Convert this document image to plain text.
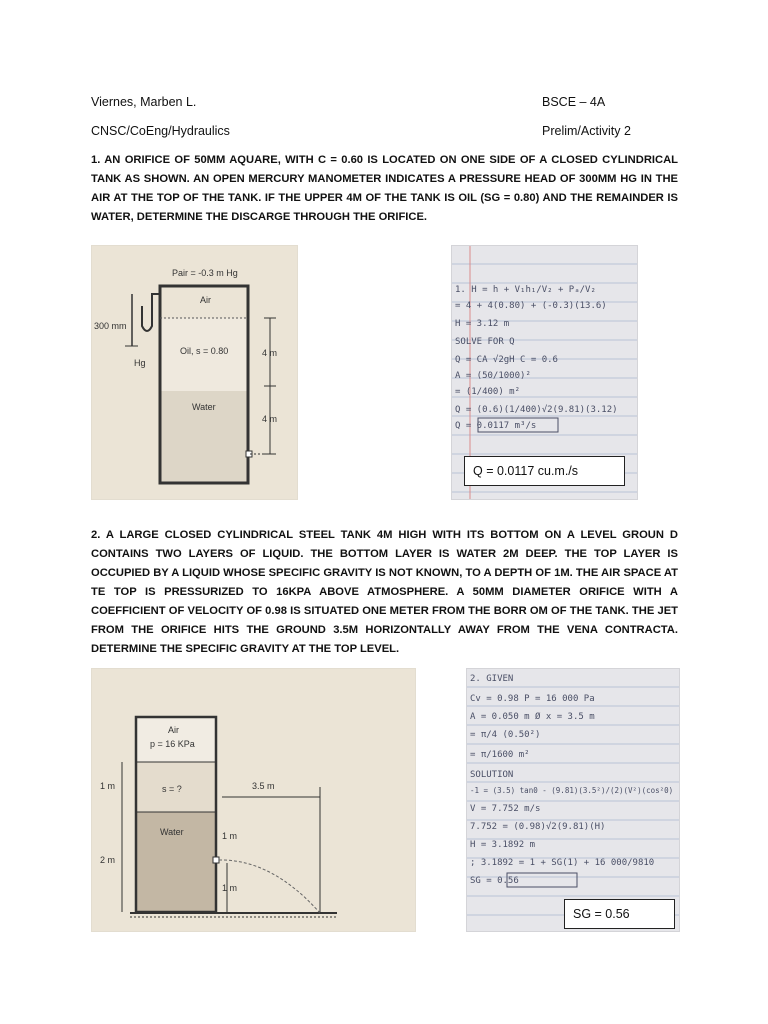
Viernes, Marben L.	BSCE – 4A
CNSC/CoEng/Hydraulics	Prelim/Activity 2
1. AN ORIFICE OF 50MM AQUARE, WITH C = 0.60 IS LOCATED ON ONE SIDE OF A CLOSED CYLINDRICAL TANK AS SHOWN. AN OPEN MERCURY MANOMETER INDICATES A PRESSURE HEAD OF 300MM HG IN THE AIR AT THE TOP OF THE TANK. IF THE UPPER 4M OF THE TANK IS OIL (SG = 0.80) AND THE REMAINDER IS WATER, DETERMINE THE DISCARGE THROUGH THE ORIFICE.
Pair = -0.3 m Hg
Air
300 mm
Hg
Oil, s = 0.80
Water
4 m
4 m
1. H = h + V₁h₁/V₂ + Pₐ/V₂
= 4 + 4(0.80) + (-0.3)(13.6)
H = 3.12 m
SOLVE FOR Q
Q = CA √2gH C = 0.6
A = (50/1000)²
= (1/400) m²
Q = (0.6)(1/400)√2(9.81)(3.12)
Q = 0.0117 m³/s
Q = 0.0117 cu.m./s
2. A LARGE CLOSED CYLINDRICAL STEEL TANK 4M HIGH WITH ITS BOTTOM ON A LEVEL GROUN D CONTAINS TWO LAYERS OF LIQUID. THE BOTTOM LAYER IS WATER 2M DEEP. THE TOP LAYER IS OCCUPIED BY A LIQUID WHOSE SPECIFIC GRAVITY IS NOT KNOWN, TO A DEPTH OF 1M. THE AIR SPACE AT TE TOP IS PRESSURIZED TO 16KPA ABOVE ATMOSPHERE. A 50MM DIAMETER ORIFICE WITH A COEFFICIENT OF VELOCITY OF 0.98 IS SITUATED ONE METER FROM THE BORR OM OF THE TANK. THE JET FROM THE ORIFICE HITS THE GROUND 3.5M HORIZONTALLY AWAY FROM THE VENA CONTRACTA. DETERMINE THE SPECIFIC GRAVITY AT THE TOP LEVEL.
Air
p = 16 KPa
s = ?
Water
1 m
2 m
3.5 m
1 m
1 m
2. GIVEN
Cv = 0.98 P = 16 000 Pa
A = 0.050 m Ø x = 3.5 m
= π/4 (0.50²)
= π/1600 m²
SOLUTION
-1 = (3.5) tan0 - (9.81)(3.5²)/(2)(V²)(cos²0)
V = 7.752 m/s
7.752 = (0.98)√2(9.81)(H)
H = 3.1892 m
; 3.1892 = 1 + SG(1) + 16 000/9810
SG = 0.56
SG = 0.56
